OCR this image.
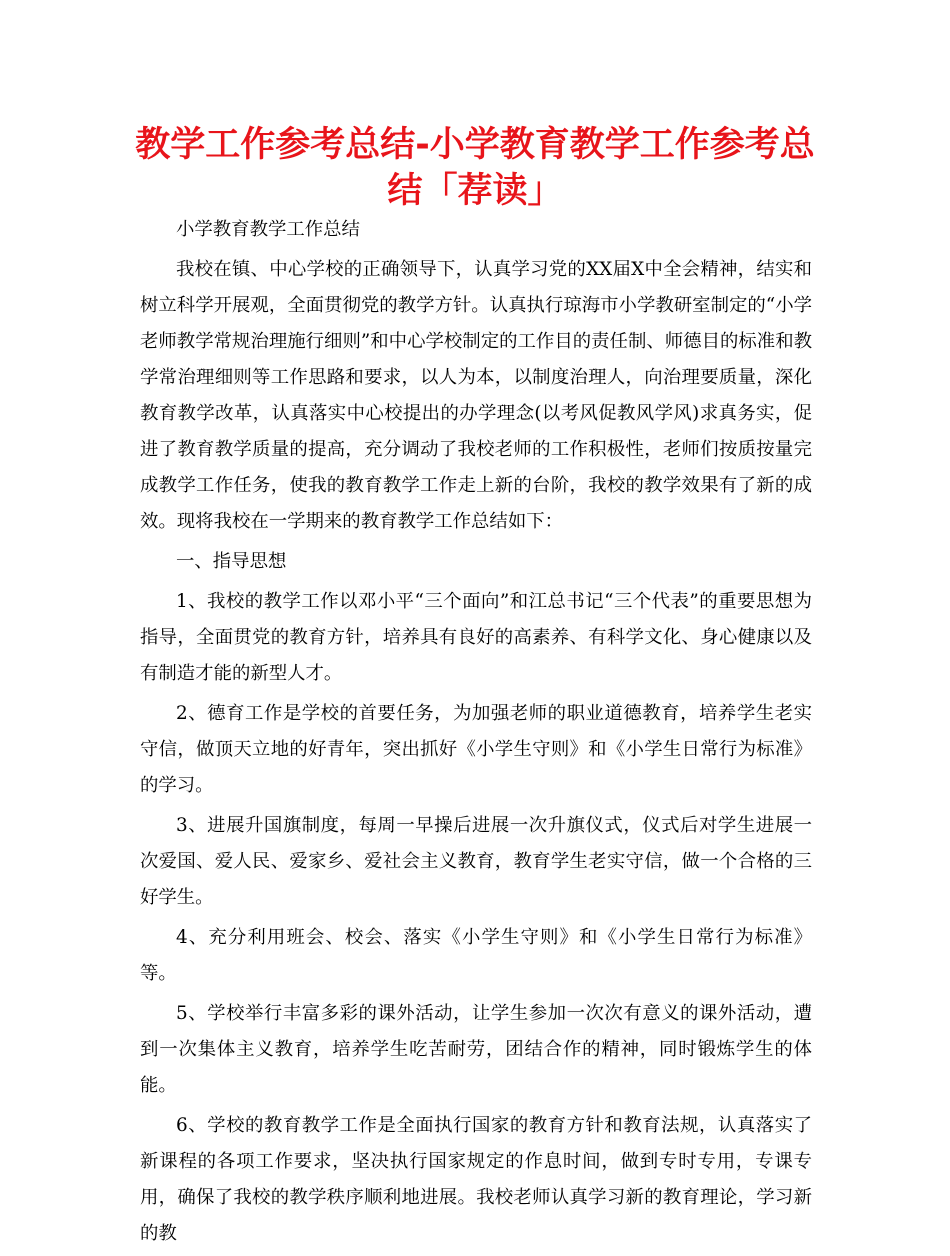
教学工作参考总结-小学教育教学工作参考总结「荐读」

小学教育教学工作总结

我校在镇、中心学校的正确领导下，认真学习党的XX届X中全会精神，结实和树立科学开展观，全面贯彻党的教学方针。认真执行琼海市小学教研室制定的“小学老师教学常规治理施行细则”和中心学校制定的工作目的责任制、师德目的标准和教学常治理细则等工作思路和要求，以人为本，以制度治理人，向治理要质量，深化教育教学改革，认真落实中心校提出的办学理念(以考风促教风学风)求真务实，促进了教育教学质量的提高，充分调动了我校老师的工作积极性，老师们按质按量完成教学工作任务，使我的教育教学工作走上新的台阶，我校的教学效果有了新的成效。现将我校在一学期来的教育教学工作总结如下：

一、指导思想

1、我校的教学工作以邓小平“三个面向”和江总书记“三个代表”的重要思想为指导，全面贯党的教育方针，培养具有良好的高素养、有科学文化、身心健康以及有制造才能的新型人才。

2、德育工作是学校的首要任务，为加强老师的职业道德教育，培养学生老实守信，做顶天立地的好青年，突出抓好《小学生守则》和《小学生日常行为标准》的学习。

3、进展升国旗制度，每周一早操后进展一次升旗仪式，仪式后对学生进展一次爱国、爱人民、爱家乡、爱社会主义教育，教育学生老实守信，做一个合格的三好学生。

4、充分利用班会、校会、落实《小学生守则》和《小学生日常行为标准》等。

5、学校举行丰富多彩的课外活动，让学生参加一次次有意义的课外活动，遭到一次集体主义教育，培养学生吃苦耐劳，团结合作的精神，同时锻炼学生的体能。

6、学校的教育教学工作是全面执行国家的教育方针和教育法规，认真落实了新课程的各项工作要求，坚决执行国家规定的作息时间，做到专时专用，专课专用，确保了我校的教学秩序顺利地进展。我校老师认真学习新的教育理论，学习新的教
